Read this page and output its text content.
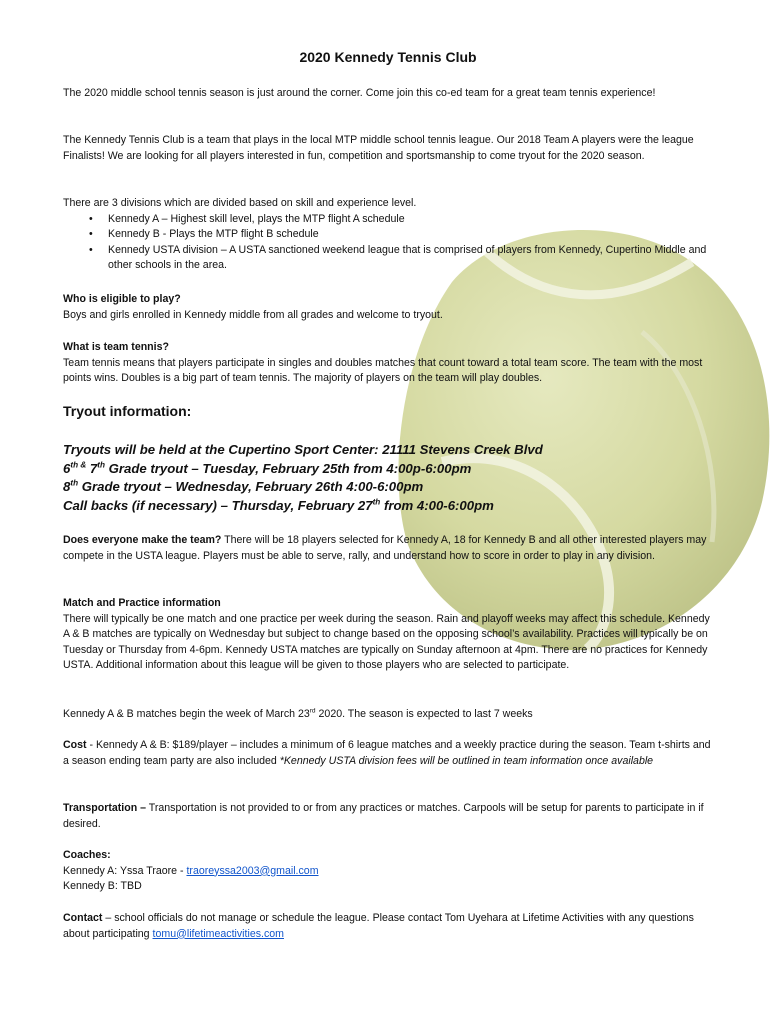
2020 Kennedy Tennis Club
The 2020 middle school tennis season is just around the corner. Come join this co-ed team for a great team tennis experience!
The Kennedy Tennis Club is a team that plays in the local MTP middle school tennis league. Our 2018 Team A players were the league Finalists! We are looking for all players interested in fun, competition and sportsmanship to come tryout for the 2020 season.
There are 3 divisions which are divided based on skill and experience level.
• Kennedy A – Highest skill level, plays the MTP flight A schedule
• Kennedy B - Plays the MTP flight B schedule
• Kennedy USTA division – A USTA sanctioned weekend league that is comprised of players from Kennedy, Cupertino Middle and other schools in the area.
Who is eligible to play?
Boys and girls enrolled in Kennedy middle from all grades and welcome to tryout.
What is team tennis?
Team tennis means that players participate in singles and doubles matches that count toward a total team score. The team with the most points wins. Doubles is a big part of team tennis. The majority of players on the team will play doubles.
Tryout information:
Tryouts will be held at the Cupertino Sport Center: 21111 Stevens Creek Blvd
$6^{th \&}$ 7th Grade tryout – Tuesday, February 25th from 4:00p-6:00pm
8th Grade tryout – Wednesday, February 26th 4:00-6:00pm
Call backs (if necessary) – Thursday, February 27th from 4:00-6:00pm
Does everyone make the team? There will be 18 players selected for Kennedy A, 18 for Kennedy B and all other interested players may compete in the USTA league. Players must be able to serve, rally, and understand how to score in order to play in any division.
Match and Practice information
There will typically be one match and one practice per week during the season. Rain and playoff weeks may affect this schedule. Kennedy A & B matches are typically on Wednesday but subject to change based on the opposing school’s availability. Practices will typically be on Tuesday or Thursday from 4-6pm. Kennedy USTA matches are typically on Sunday afternoon at 4pm. There are no practices for Kennedy USTA. Additional information about this league will be given to those players who are selected to participate.
Kennedy A & B matches begin the week of March 23rd 2020. The season is expected to last 7 weeks
Cost - Kennedy A & B: $189/player – includes a minimum of 6 league matches and a weekly practice during the season. Team t-shirts and a season ending team party are also included *Kennedy USTA division fees will be outlined in team information once available
Transportation – Transportation is not provided to or from any practices or matches. Carpools will be setup for parents to participate in if desired.
Coaches:
Kennedy A: Yssa Traore - traoreyssa2003@gmail.com
Kennedy B: TBD
Contact – school officials do not manage or schedule the league. Please contact Tom Uyehara at Lifetime Activities with any questions about participating tomu@lifetimeactivities.com
